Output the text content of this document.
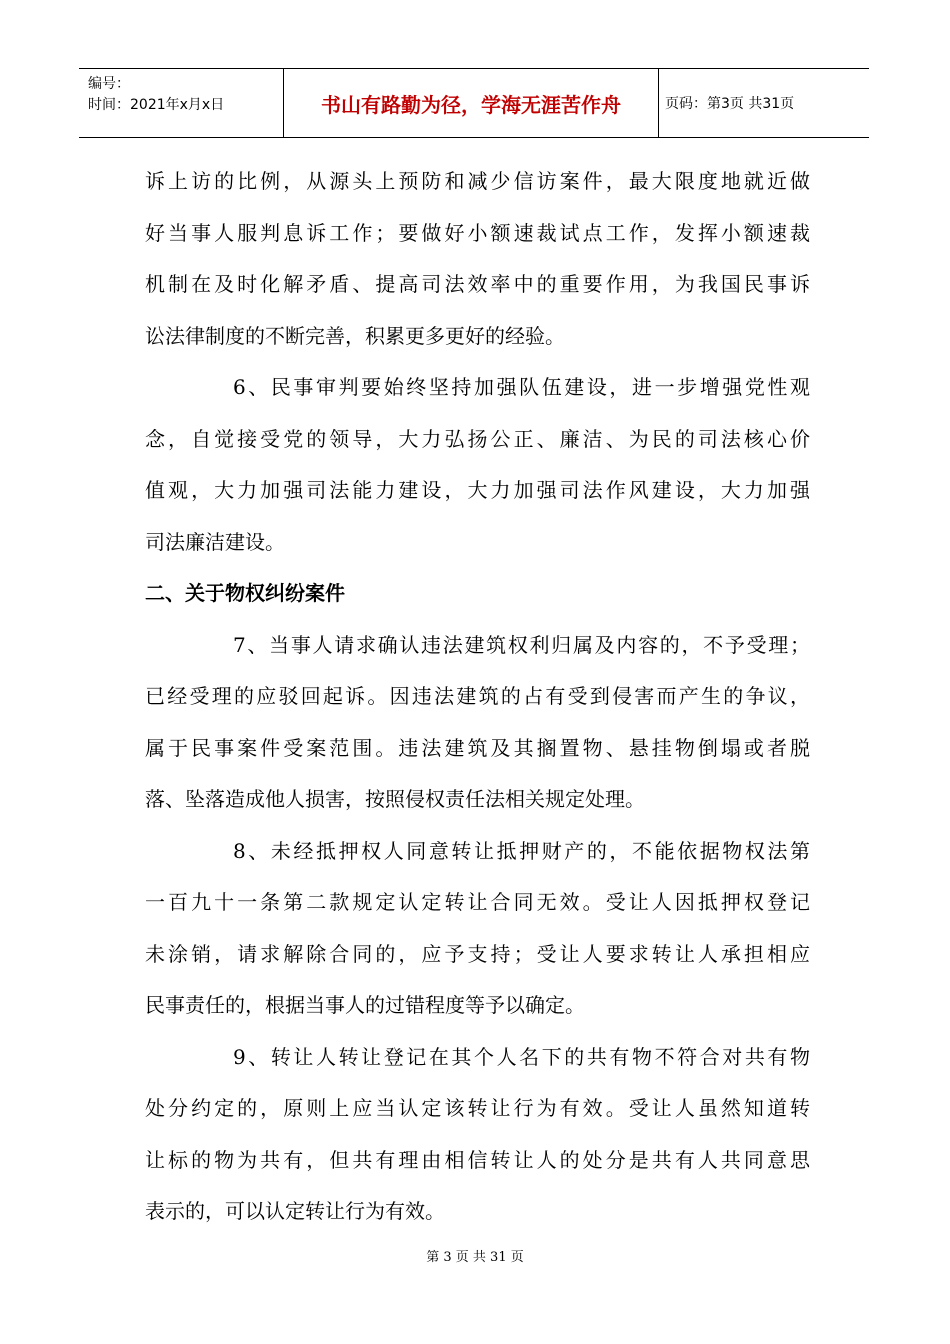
编号：
时间：2021年x月x日	书山有路勤为径，学海无涯苦作舟	页码：第3页 共31页
诉上访的比例，从源头上预防和减少信访案件，最大限度地就近做
好当事人服判息诉工作；要做好小额速裁试点工作，发挥小额速裁
机制在及时化解矛盾、提高司法效率中的重要作用，为我国民事诉
讼法律制度的不断完善，积累更多更好的经验。
6、民事审判要始终坚持加强队伍建设，进一步增强党性观
念，自觉接受党的领导，大力弘扬公正、廉洁、为民的司法核心价
值观，大力加强司法能力建设，大力加强司法作风建设，大力加强
司法廉洁建设。
二、关于物权纠纷案件
7、当事人请求确认违法建筑权利归属及内容的，不予受理；
已经受理的应驳回起诉。因违法建筑的占有受到侵害而产生的争议，
属于民事案件受案范围。违法建筑及其搁置物、悬挂物倒塌或者脱
落、坠落造成他人损害，按照侵权责任法相关规定处理。
8、未经抵押权人同意转让抵押财产的，不能依据物权法第
一百九十一条第二款规定认定转让合同无效。受让人因抵押权登记
未涂销，请求解除合同的，应予支持；受让人要求转让人承担相应
民事责任的，根据当事人的过错程度等予以确定。
9、转让人转让登记在其个人名下的共有物不符合对共有物
处分约定的，原则上应当认定该转让行为有效。受让人虽然知道转
让标的物为共有，但共有理由相信转让人的处分是共有人共同意思
表示的，可以认定转让行为有效。
第 3 页 共 31 页
